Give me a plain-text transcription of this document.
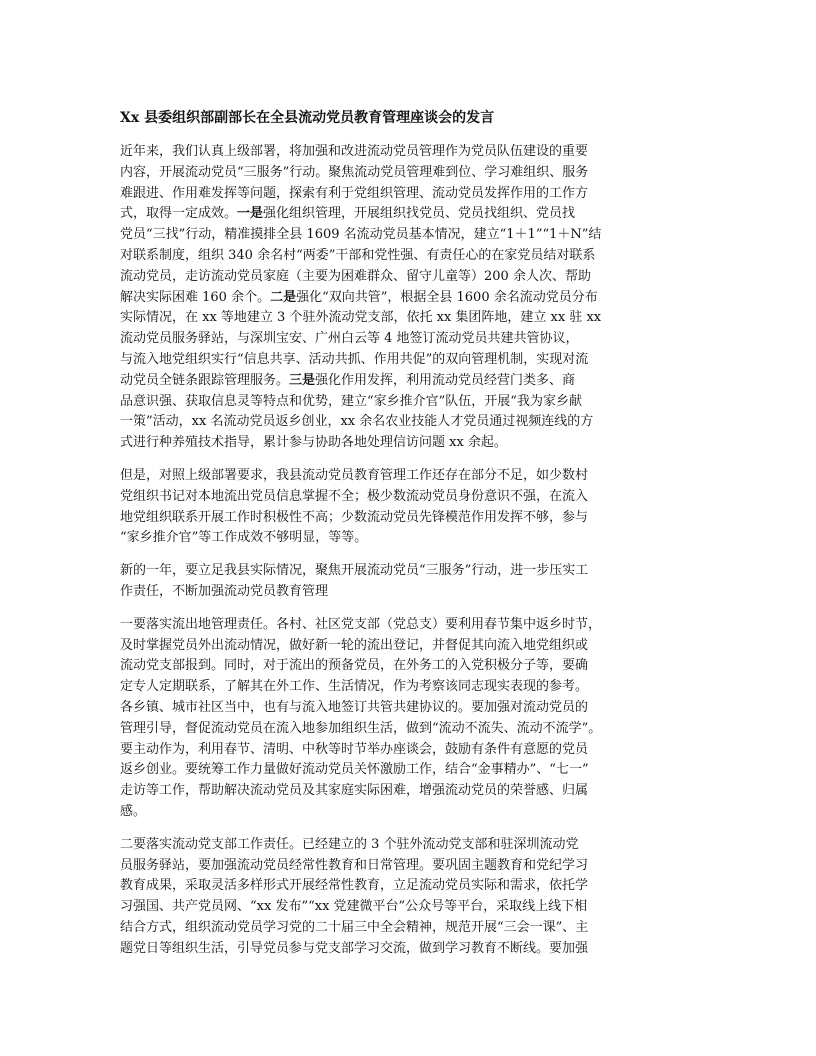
Xx 县委组织部副部长在全县流动党员教育管理座谈会的发言
近年来，我们认真上级部署，将加强和改进流动党员管理作为党员队伍建设的重要
内容，开展流动党员“三服务”行动。聚焦流动党员管理难到位、学习难组织、服务
难跟进、作用难发挥等问题，探索有利于党组织管理、流动党员发挥作用的工作方
式，取得一定成效。一是强化组织管理，开展组织找党员、党员找组织、党员找
党员“三找”行动，精准摸排全县 1609 名流动党员基本情况，建立“1＋1”“1＋N”结
对联系制度，组织 340 余名村“两委”干部和党性强、有责任心的在家党员结对联系
流动党员，走访流动党员家庭（主要为困难群众、留守儿童等）200 余人次、帮助
解决实际困难 160 余个。二是强化“双向共管”，根据全县 1600 余名流动党员分布
实际情况，在 xx 等地建立 3 个驻外流动党支部，依托 xx 集团阵地，建立 xx 驻 xx
流动党员服务驿站，与深圳宝安、广州白云等 4 地签订流动党员共建共管协议，
与流入地党组织实行“信息共享、活动共抓、作用共促”的双向管理机制，实现对流
动党员全链条跟踪管理服务。三是强化作用发挥，利用流动党员经营门类多、商
品意识强、获取信息灵等特点和优势，建立“家乡推介官”队伍，开展“我为家乡献
一策”活动，xx 名流动党员返乡创业，xx 余名农业技能人才党员通过视频连线的方
式进行种养殖技术指导，累计参与协助各地处理信访问题 xx 余起。
但是，对照上级部署要求，我县流动党员教育管理工作还存在部分不足，如少数村
党组织书记对本地流出党员信息掌握不全；极少数流动党员身份意识不强，在流入
地党组织联系开展工作时积极性不高；少数流动党员先锋模范作用发挥不够，参与
“家乡推介官”等工作成效不够明显，等等。
新的一年，要立足我县实际情况，聚焦开展流动党员“三服务”行动，进一步压实工
作责任，不断加强流动党员教育管理
一要落实流出地管理责任。各村、社区党支部（党总支）要利用春节集中返乡时节，
及时掌握党员外出流动情况，做好新一轮的流出登记，并督促其向流入地党组织或
流动党支部报到。同时，对于流出的预备党员，在外务工的入党积极分子等，要确
定专人定期联系，了解其在外工作、生活情况，作为考察该同志现实表现的参考。
各乡镇、城市社区当中，也有与流入地签订共管共建协议的。要加强对流动党员的
管理引导，督促流动党员在流入地参加组织生活，做到“流动不流失、流动不流学”。
要主动作为，利用春节、清明、中秋等时节举办座谈会，鼓励有条件有意愿的党员
返乡创业。要统筹工作力量做好流动党员关怀激励工作，结合“金事精办”、“七一”
走访等工作，帮助解决流动党员及其家庭实际困难，增强流动党员的荣誉感、归属
感。
二要落实流动党支部工作责任。已经建立的 3 个驻外流动党支部和驻深圳流动党
员服务驿站，要加强流动党员经常性教育和日常管理。要巩固主题教育和党纪学习
教育成果，采取灵活多样形式开展经常性教育，立足流动党员实际和需求，依托学
习强国、共产党员网、“xx 发布”“xx 党建微平台”公众号等平台，采取线上线下相
结合方式，组织流动党员学习党的二十届三中全会精神，规范开展“三会一课”、主
题党日等组织生活，引导党员参与党支部学习交流，做到学习教育不断线。要加强
